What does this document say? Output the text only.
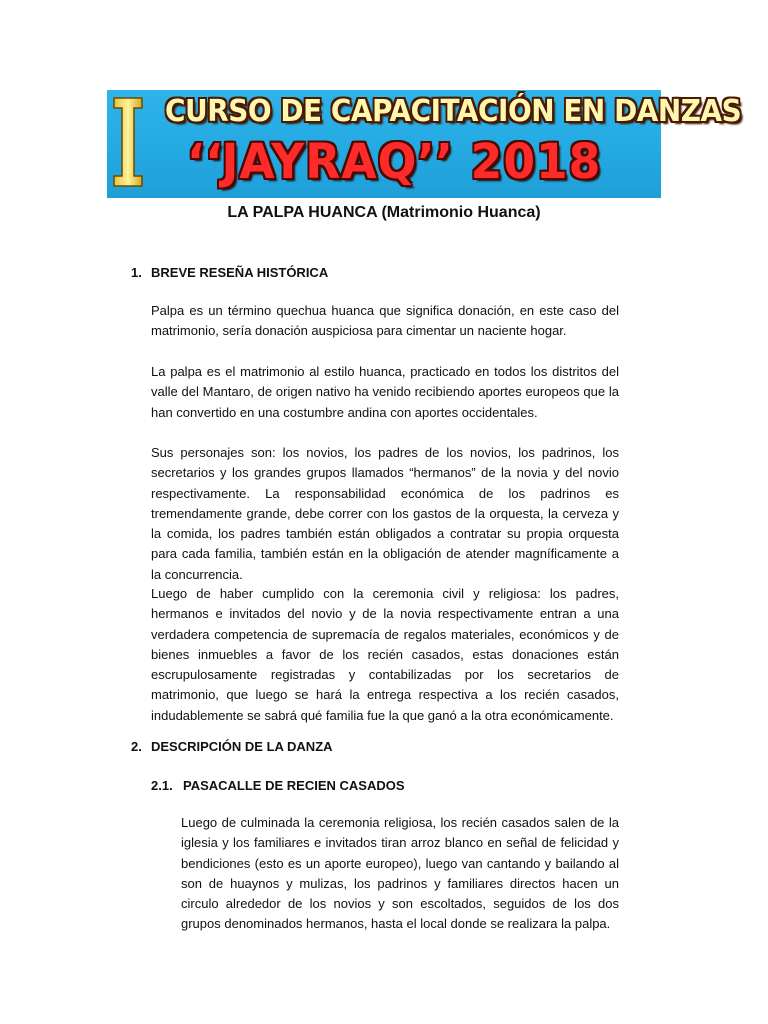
CURSO DE CAPACITACIÓN EN DANZAS
‘‘JAYRAQ’’ 2018
LA PALPA HUANCA (Matrimonio Huanca)
1. BREVE RESEÑA HISTÓRICA

Palpa es un término quechua huanca que significa donación, en este caso del matrimonio, sería donación auspiciosa para cimentar un naciente hogar.

La palpa es el matrimonio al estilo huanca, practicado en todos los distritos del valle del Mantaro, de origen nativo ha venido recibiendo aportes europeos que la han convertido en una costumbre andina con aportes occidentales.

Sus personajes son: los novios, los padres de los novios, los padrinos, los secretarios y los grandes grupos llamados “hermanos” de la novia y del novio respectivamente. La responsabilidad económica de los padrinos es tremendamente grande, debe correr con los gastos de la orquesta, la cerveza y la comida, los padres también están obligados a contratar su propia orquesta para cada familia, también están en la obligación de atender magníficamente a la concurrencia.

Luego de haber cumplido con la ceremonia civil y religiosa: los padres, hermanos e invitados del novio y de la novia respectivamente entran a una verdadera competencia de supremacía de regalos materiales, económicos y de bienes inmuebles a favor de los recién casados, estas donaciones están escrupulosamente registradas y contabilizadas por los secretarios de matrimonio, que luego se hará la entrega respectiva a los recién casados, indudablemente se sabrá qué familia fue la que ganó a la otra económicamente.

2. DESCRIPCIÓN DE LA DANZA
2.1. PASACALLE DE RECIEN CASADOS

Luego de culminada la ceremonia religiosa, los recién casados salen de la iglesia y los familiares e invitados tiran arroz blanco en señal de felicidad y bendiciones (esto es un aporte europeo), luego van cantando y bailando al son de huaynos y mulizas, los padrinos y familiares directos hacen un circulo alrededor de los novios y son escoltados, seguidos de los dos grupos denominados hermanos, hasta el local donde se realizara la palpa.
